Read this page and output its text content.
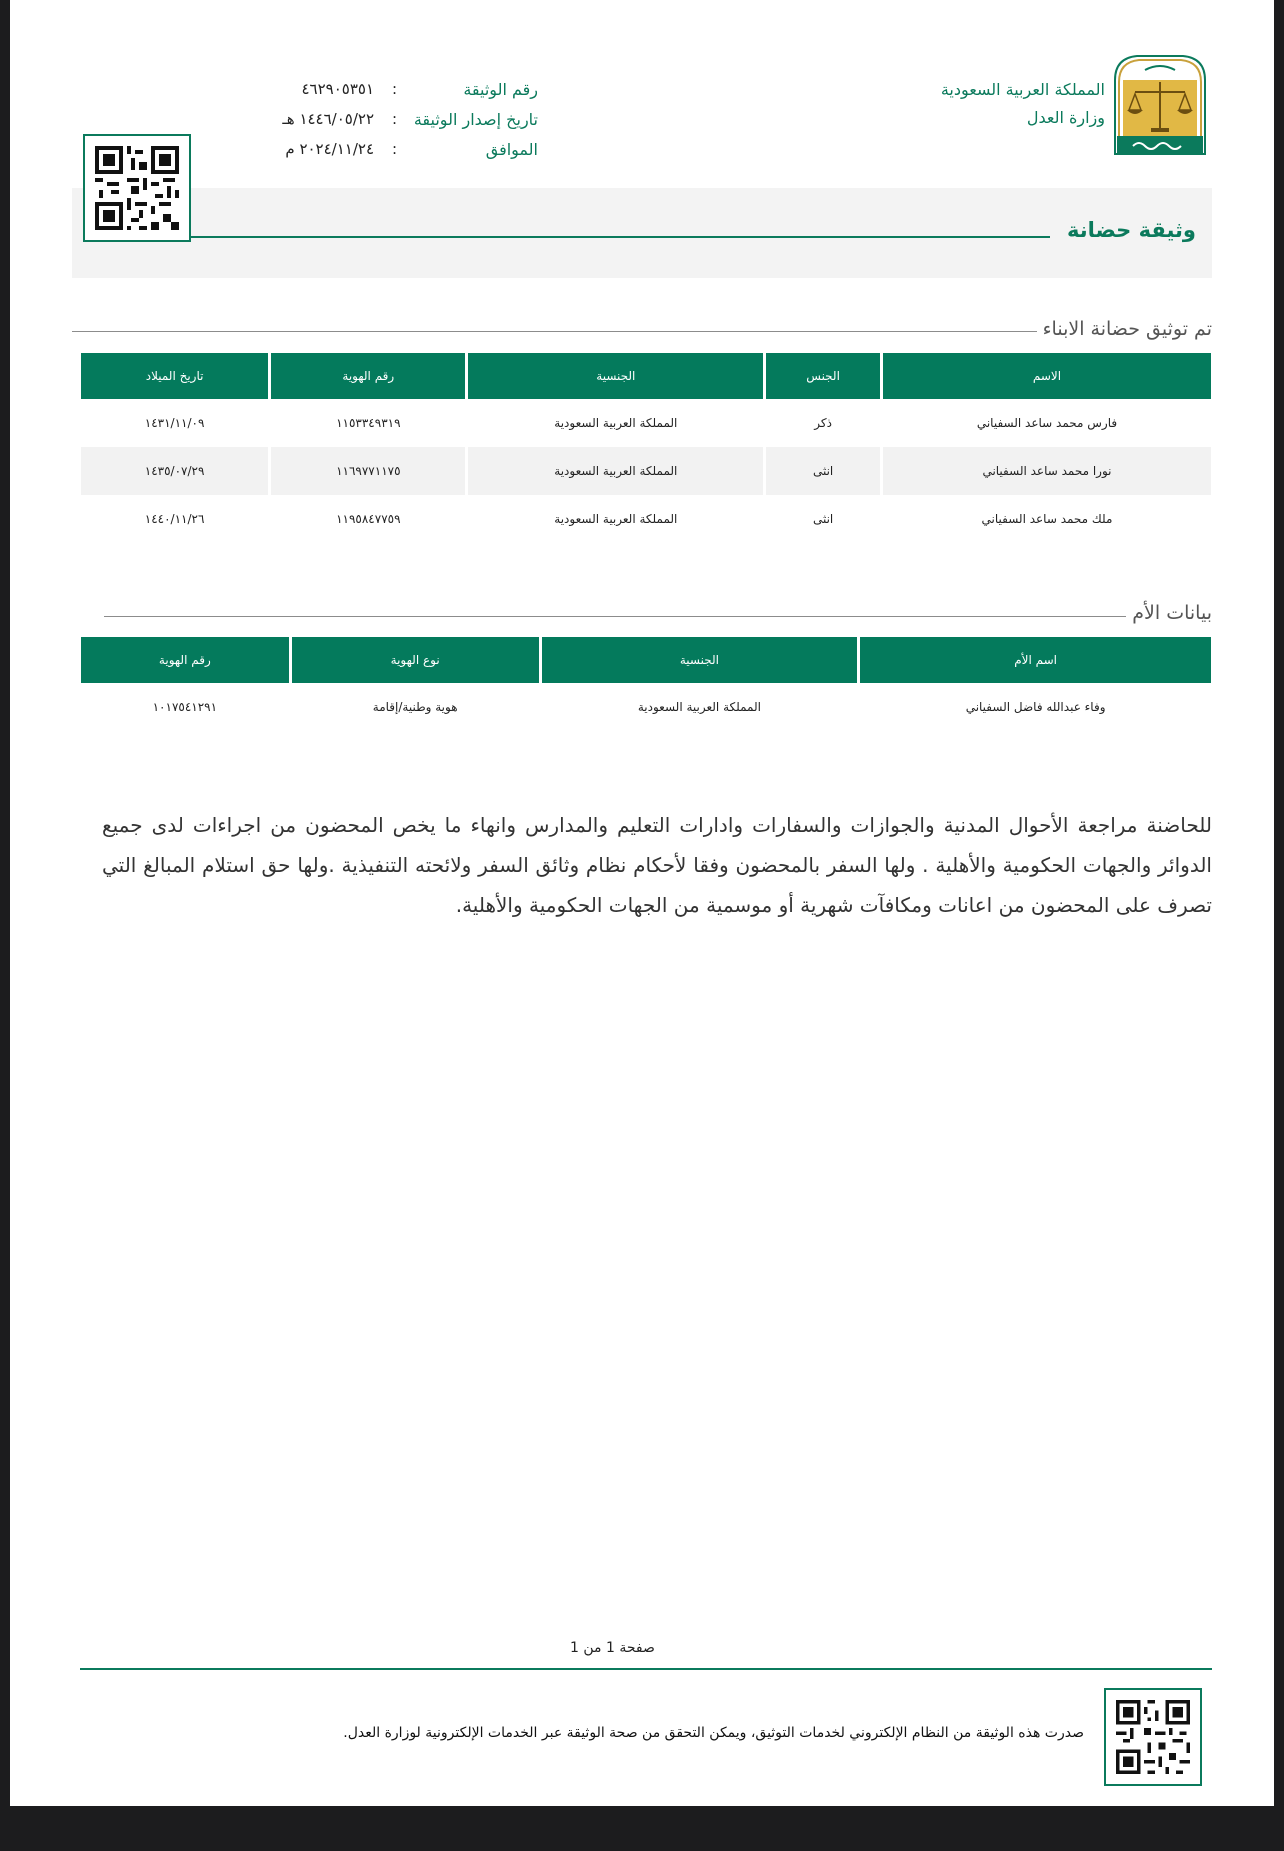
المملكة العربية السعودية
وزارة العدل
رقم الوثيقة
:
٤٦٢٩٠٥٣٥١
تاريخ إصدار الوثيقة
:
١٤٤٦/٠٥/٢٢ هـ
الموافق
:
٢٠٢٤/١١/٢٤ م
وثيقة حضانة
تم توثيق حضانة الابناء
الاسم	الجنس	الجنسية	رقم الهوية	تاريخ الميلاد
فارس محمد ساعد السفياني	ذكر	المملكة العربية السعودية	١١٥٣٣٤٩٣١٩	١٤٣١/١١/٠٩
نورا محمد ساعد السفياني	انثى	المملكة العربية السعودية	١١٦٩٧٧١١٧٥	١٤٣٥/٠٧/٢٩
ملك محمد ساعد السفياني	انثى	المملكة العربية السعودية	١١٩٥٨٤٧٧٥٩	١٤٤٠/١١/٢٦
بيانات الأم
اسم الأم	الجنسية	نوع الهوية	رقم الهوية
وفاء عبدالله فاضل السفياني	المملكة العربية السعودية	هوية وطنية/إقامة	١٠١٧٥٤١٢٩١
للحاضنة مراجعة الأحوال المدنية والجوازات والسفارات وادارات التعليم والمدارس وانهاء ما يخص المحضون من اجراءات لدى جميع الدوائر والجهات الحكومية والأهلية . ولها السفر بالمحضون وفقا لأحكام نظام وثائق السفر ولائحته التنفيذية .ولها حق استلام المبالغ التي تصرف على المحضون من اعانات ومكافآت شهرية أو موسمية من الجهات الحكومية والأهلية.
صفحة 1 من 1
صدرت هذه الوثيقة من النظام الإلكتروني لخدمات التوثيق، ويمكن التحقق من صحة الوثيقة عبر الخدمات الإلكترونية لوزارة العدل.
